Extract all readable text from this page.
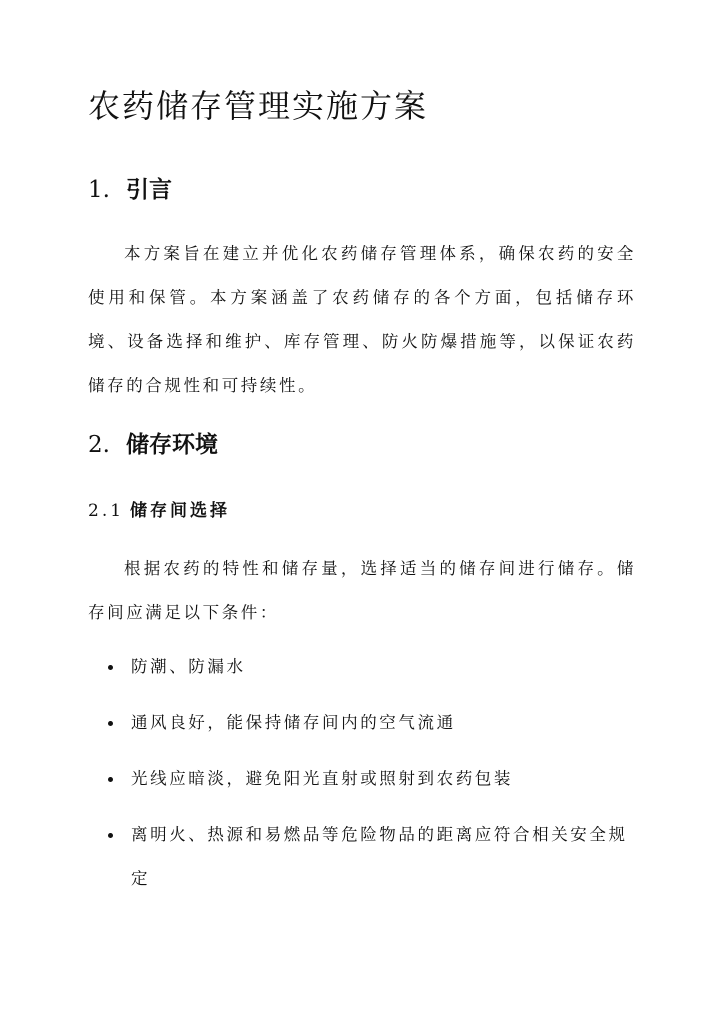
农药储存管理实施方案
1. 引言

本方案旨在建立并优化农药储存管理体系，确保农药的安全使用和保管。本方案涵盖了农药储存的各个方面，包括储存环境、设备选择和维护、库存管理、防火防爆措施等，以保证农药储存的合规性和可持续性。

2. 储存环境
2.1 储存间选择

根据农药的特性和储存量，选择适当的储存间进行储存。储存间应满足以下条件：

防潮、防漏水
通风良好，能保持储存间内的空气流通
光线应暗淡，避免阳光直射或照射到农药包装
离明火、热源和易燃品等危险物品的距离应符合相关安全规定
